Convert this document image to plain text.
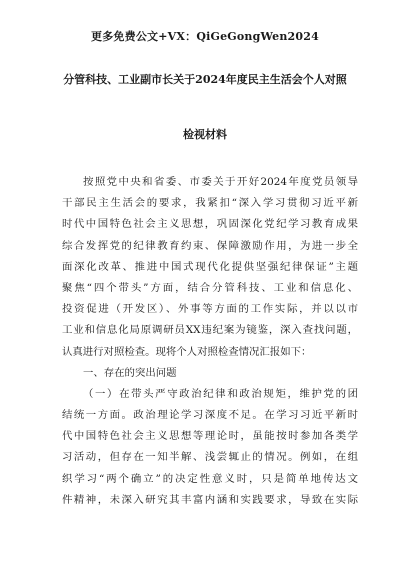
更多免费公文+VX：QiGeGongWen2024
分管科技、工业副市长关于2024年度民主生活会个人对照
检视材料
按照党中央和省委、市委关于开好2024年度党员领导
干部民主生活会的要求，我紧扣“深入学习贯彻习近平新
时代中国特色社会主义思想，巩固深化党纪学习教育成果
综合发挥党的纪律教育约束、保障激励作用，为进一步全
面深化改革、推进中国式现代化提供坚强纪律保证”主题
聚焦“四个带头”方面，结合分管科技、工业和信息化、
投资促进（开发区）、外事等方面的工作实际，并以以市
工业和信息化局原调研员XX违纪案为镜鉴，深入查找问题，
认真进行对照检查。现将个人对照检查情况汇报如下：
一、存在的突出问题
（一）在带头严守政治纪律和政治规矩，维护党的团
结统一方面。政治理论学习深度不足。在学习习近平新时
代中国特色社会主义思想等理论时，虽能按时参加各类学
习活动，但存在一知半解、浅尝辄止的情况。例如，在组
织学习“两个确立”的决定性意义时，只是简单地传达文
件精神，未深入研究其丰富内涵和实践要求，导致在实际
